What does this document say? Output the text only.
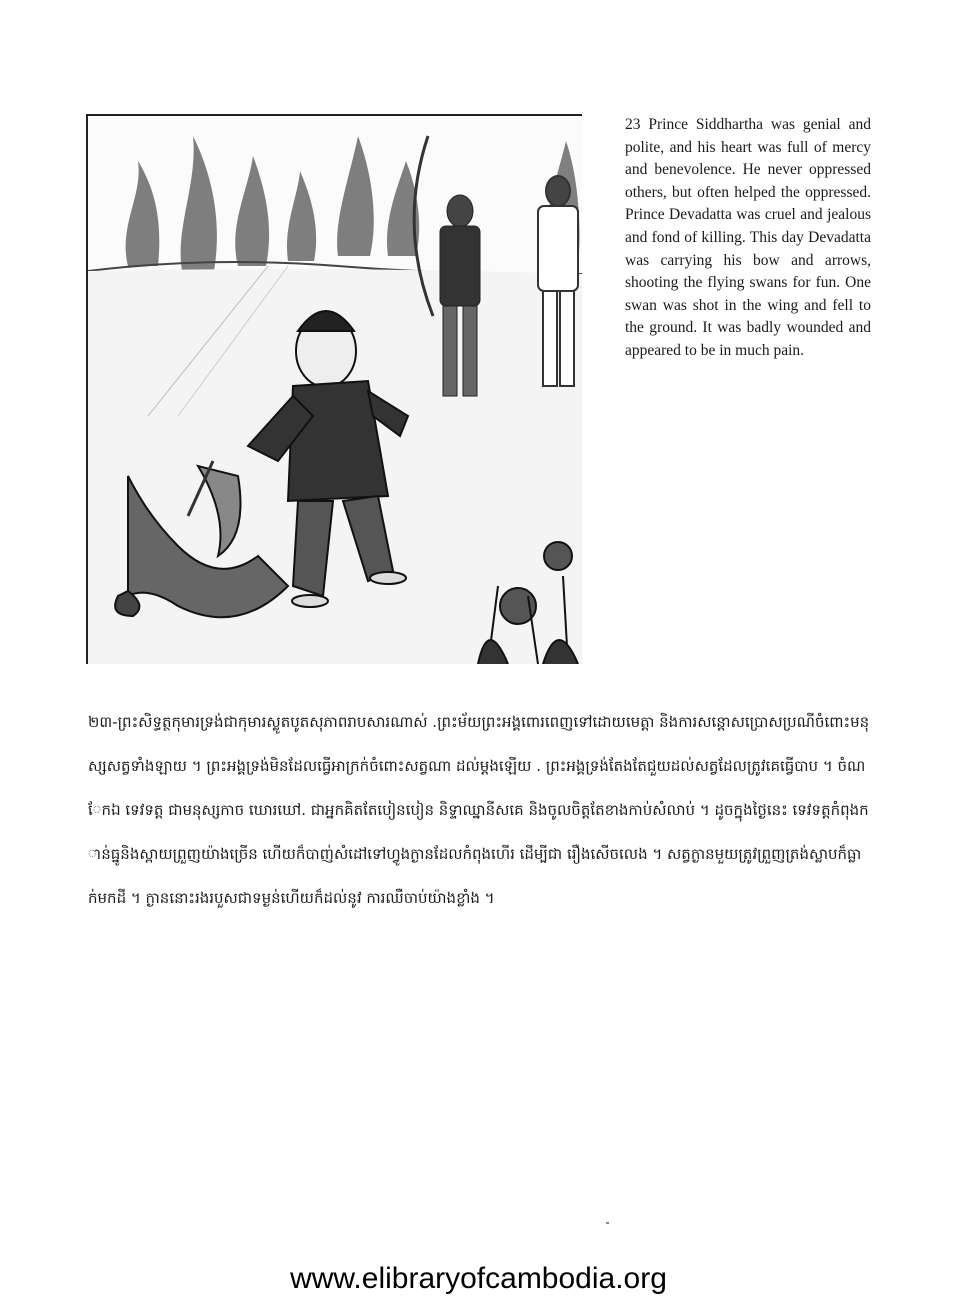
23 Prince Siddhartha was genial and polite, and his heart was full of mercy and benevolence. He never oppressed others, but often helped the oppressed. Prince Devadatta was cruel and jealous and fond of killing. This day Devadatta was carrying his bow and arrows, shooting the flying swans for fun. One swan was shot in the wing and fell to the ground. It was badly wounded and appeared to be in much pain.

២៣-ព្រះសិទ្ធត្ថកុមារទ្រង់ជាកុមារស្លូតបូតសុភាពរាបសារណាស់ .ព្រះម័យព្រះអង្គពោរពេញទៅដោយមេត្តា និងការសន្ដោសប្រោសប្រណីចំពោះមនុស្សសត្វទាំងឡាយ ។ ព្រះអង្គទ្រង់មិនដែលធ្វើអាក្រក់ចំពោះសត្វណា ដល់ម្ដងឡើយ . ព្រះអង្គទ្រង់តែងតែជួយដល់សត្វដែលត្រូវគេធ្វើបាប ។ ចំណែកឯ ទេវទត្ត ជាមនុស្សកាច ឃោរឃៅ. ជាអ្នកគិតតែបៀនបៀន និទ្ទាឈ្នានីសគេ និងចូលចិត្តតែខាងកាប់សំលាប់ ។ ដូចក្នុងថ្ងៃនេះ ទេវទត្តកំពុងកាន់ធ្នូនិងស្ពាយព្រួញយ៉ាងច្រើន ហើយក៏បាញ់សំដៅទៅហ្វូងក្ងានដែលកំពុងហើរ ដើម្បីជា រឿងសើចលេង ។ សត្វក្ងានមួយត្រូវព្រួញត្រង់ស្លាបក៏ធ្លាក់មកដី ។ ក្ងាននោះរងរបួសជាទម្ងន់ហើយក៏ដល់នូវ ការឈឺចាប់យ៉ាងខ្លាំង ។

www.elibraryofcambodia.org
